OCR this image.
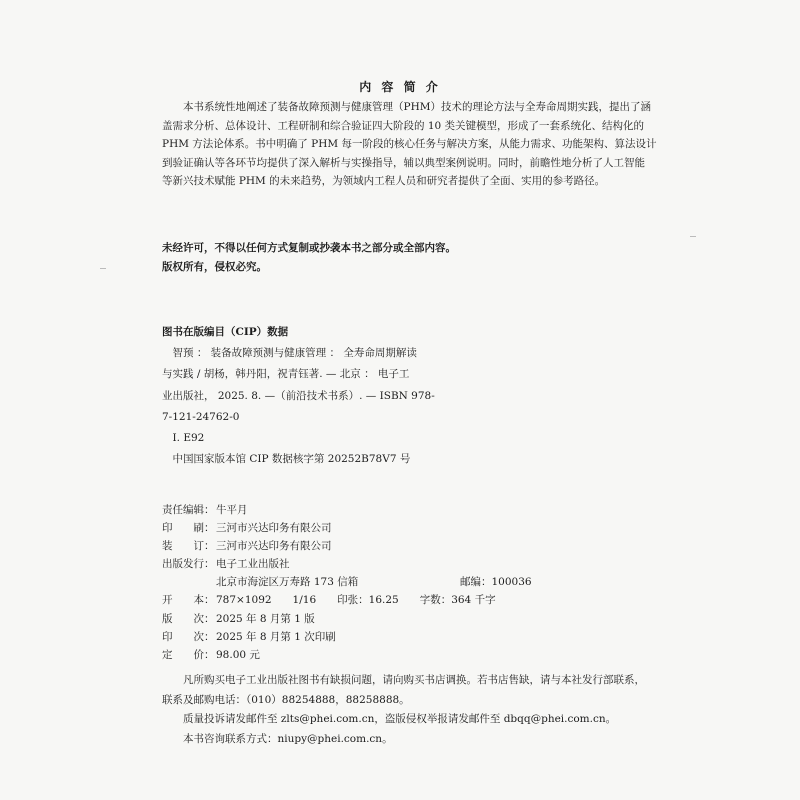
内 容 简 介
　　本书系统性地阐述了装备故障预测与健康管理（PHM）技术的理论方法与全寿命周期实践，提出了涵
盖需求分析、总体设计、工程研制和综合验证四大阶段的 10 类关键模型，形成了一套系统化、结构化的
PHM 方法论体系。书中明确了 PHM 每一阶段的核心任务与解决方案，从能力需求、功能架构、算法设计
到验证确认等各环节均提供了深入解析与实操指导，辅以典型案例说明。同时，前瞻性地分析了人工智能
等新兴技术赋能 PHM 的未来趋势，为领域内工程人员和研究者提供了全面、实用的参考路径。
未经许可，不得以任何方式复制或抄袭本书之部分或全部内容。
版权所有，侵权必究。
图书在版编目（CIP）数据
　智预 ： 装备故障预测与健康管理 ： 全寿命周期解读
与实践 / 胡杨，韩丹阳，祝青钰著. — 北京 ： 电子工
业出版社， 2025. 8. —（前沿技术书系）. — ISBN 978-
7-121-24762-0
　Ⅰ. E92
　中国国家版本馆 CIP 数据核字第 20252B78V7 号
责任编辑： 牛平月
印　　刷： 三河市兴达印务有限公司
装　　订： 三河市兴达印务有限公司
出版发行： 电子工业出版社
北京市海淀区万寿路 173 信箱	邮编：100036
开　　本： 787×1092　　1/16　　印张：16.25　　字数：364 千字
版　　次： 2025 年 8 月第 1 版
印　　次： 2025 年 8 月第 1 次印刷
定　　价： 98.00 元
　　凡所购买电子工业出版社图书有缺损问题，请向购买书店调换。若书店售缺，请与本社发行部联系，
联系及邮购电话：（010）88254888，88258888。
质量投诉请发邮件至 zlts@phei.com.cn，盗版侵权举报请发邮件至 dbqq@phei.com.cn。
本书咨询联系方式：niupy@phei.com.cn。
